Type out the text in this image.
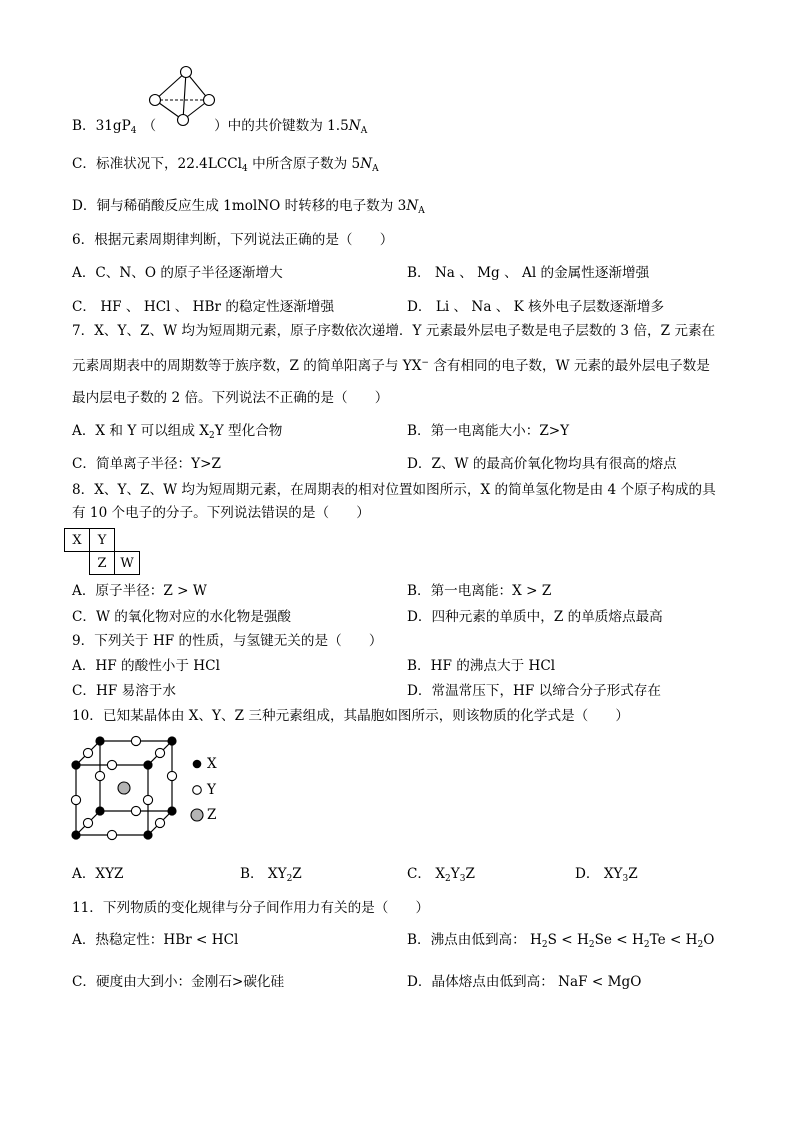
B．$31gP_4$ （	）中的共价键数为 $1.5N_A$
C．标准状况下，22.4LCCl$_4$ 中所含原子数为 $5N_A$
D．铜与稀硝酸反应生成 1molNO 时转移的电子数为 $3N_A$
6．根据元素周期律判断，下列说法正确的是（　　）
A．C、N、O 的原子半径逐渐增大	B． Na 、 Mg 、 Al 的金属性逐渐增强
C． HF 、 HCl 、 HBr 的稳定性逐渐增强	D． Li 、 Na 、 K 核外电子层数逐渐增多
7．X、Y、Z、W 均为短周期元素，原子序数依次递增．Y 元素最外层电子数是电子层数的 3 倍，Z 元素在
元素周期表中的周期数等于族序数，Z 的简单阳离子与 YX− 含有相同的电子数，W 元素的最外层电子数是
最内层电子数的 2 倍。下列说法不正确的是（　　）
A．X 和 Y 可以组成 $X_2Y$ 型化合物	B．第一电离能大小：Z>Y
C．简单离子半径：Y>Z	D．Z、W 的最高价氧化物均具有很高的熔点
8．X、Y、Z、W 均为短周期元素，在周期表的相对位置如图所示，X 的简单氢化物是由 4 个原子构成的具
有 10 个电子的分子。下列说法错误的是（　　）
X	Y	
	Z	W
A．原子半径：Z > W	B．第一电离能：X > Z
C．W 的氧化物对应的水化物是强酸	D．四种元素的单质中，Z 的单质熔点最高
9．下列关于 HF 的性质，与氢键无关的是（　　）
A．HF 的酸性小于 HCl	B．HF 的沸点大于 HCl
C．HF 易溶于水	D．常温常压下，HF 以缔合分子形式存在
10．已知某晶体由 X、Y、Z 三种元素组成，其晶胞如图所示，则该物质的化学式是（　　）
X
Y
Z
A．XYZ	B． $XY_2Z$	C． $X_2Y_3Z$	D． $XY_3Z$
11．下列物质的变化规律与分子间作用力有关的是（　　）
A．热稳定性：HBr < HCl	B．沸点由低到高： $H_2S < H_2Se < H_2Te < H_2O$
C．硬度由大到小：金刚石>碳化硅	D．晶体熔点由低到高： NaF < MgO
